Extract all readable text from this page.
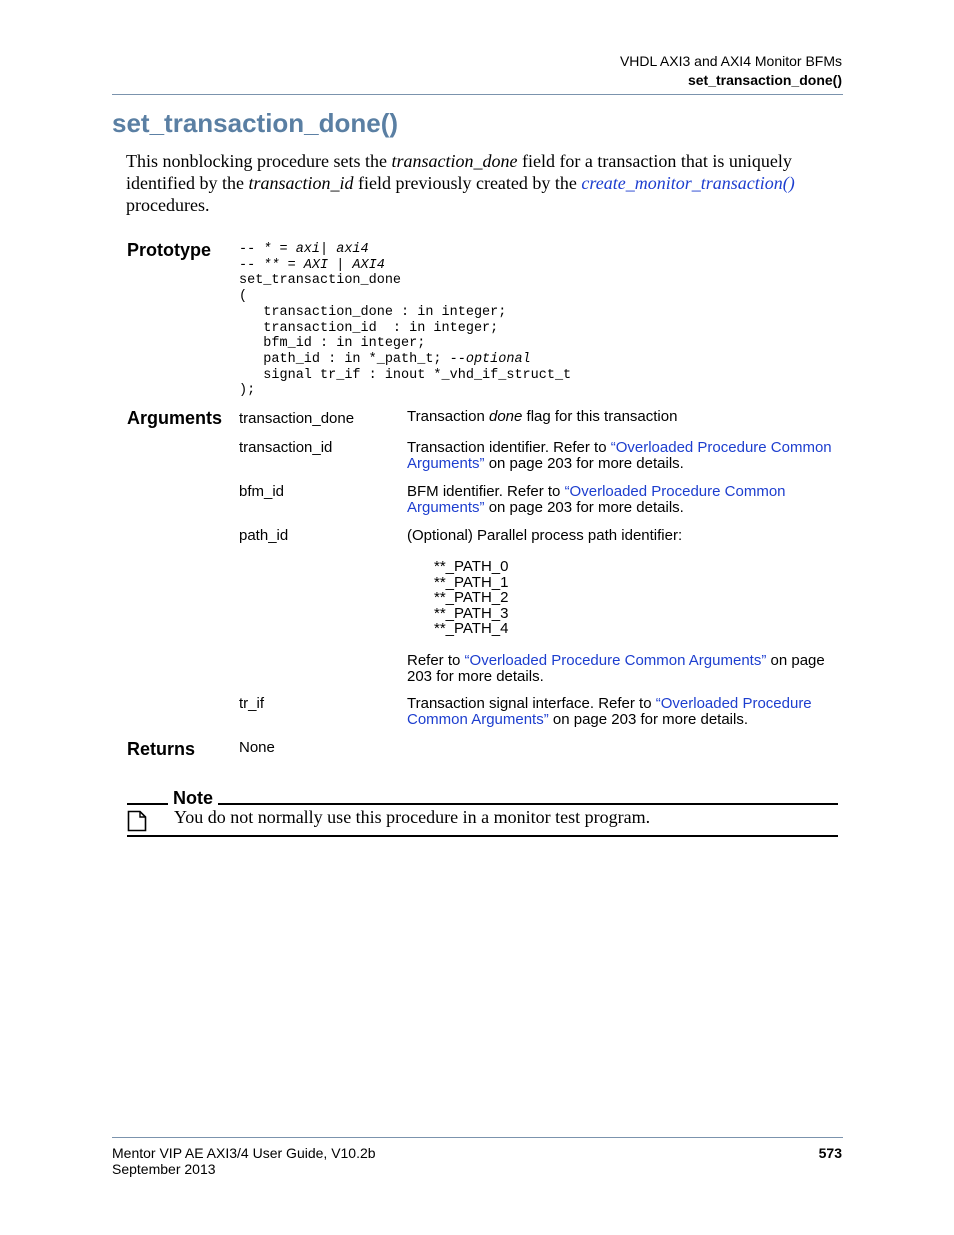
VHDL AXI3 and AXI4 Monitor BFMs
set_transaction_done()
set_transaction_done()
This nonblocking procedure sets the transaction_done field for a transaction that is uniquely identified by the transaction_id field previously created by the create_monitor_transaction() procedures.
Prototype -- * = axi| axi4
-- ** = AXI | AXI4
set_transaction_done
(
transaction_done : in integer;
transaction_id  : in integer;
bfm_id : in integer;
path_id : in *_path_t; --optional
signal tr_if : inout *_vhd_if_struct_t
);
Arguments transaction_done	Transaction done flag for this transaction
transaction_id	Transaction identifier. Refer to “Overloaded Procedure Common Arguments” on page 203 for more details.
bfm_id	BFM identifier. Refer to “Overloaded Procedure Common Arguments” on page 203 for more details.
path_id	(Optional) Parallel process path identifier:
**_PATH_0
**_PATH_1
**_PATH_2
**_PATH_3
**_PATH_4
Refer to “Overloaded Procedure Common Arguments” on page 203 for more details.
tr_if	Transaction signal interface. Refer to “Overloaded Procedure Common Arguments” on page 203 for more details.
Returns	None
Note
You do not normally use this procedure in a monitor test program.
Mentor VIP AE AXI3/4 User Guide, V10.2b
September 2013
573
